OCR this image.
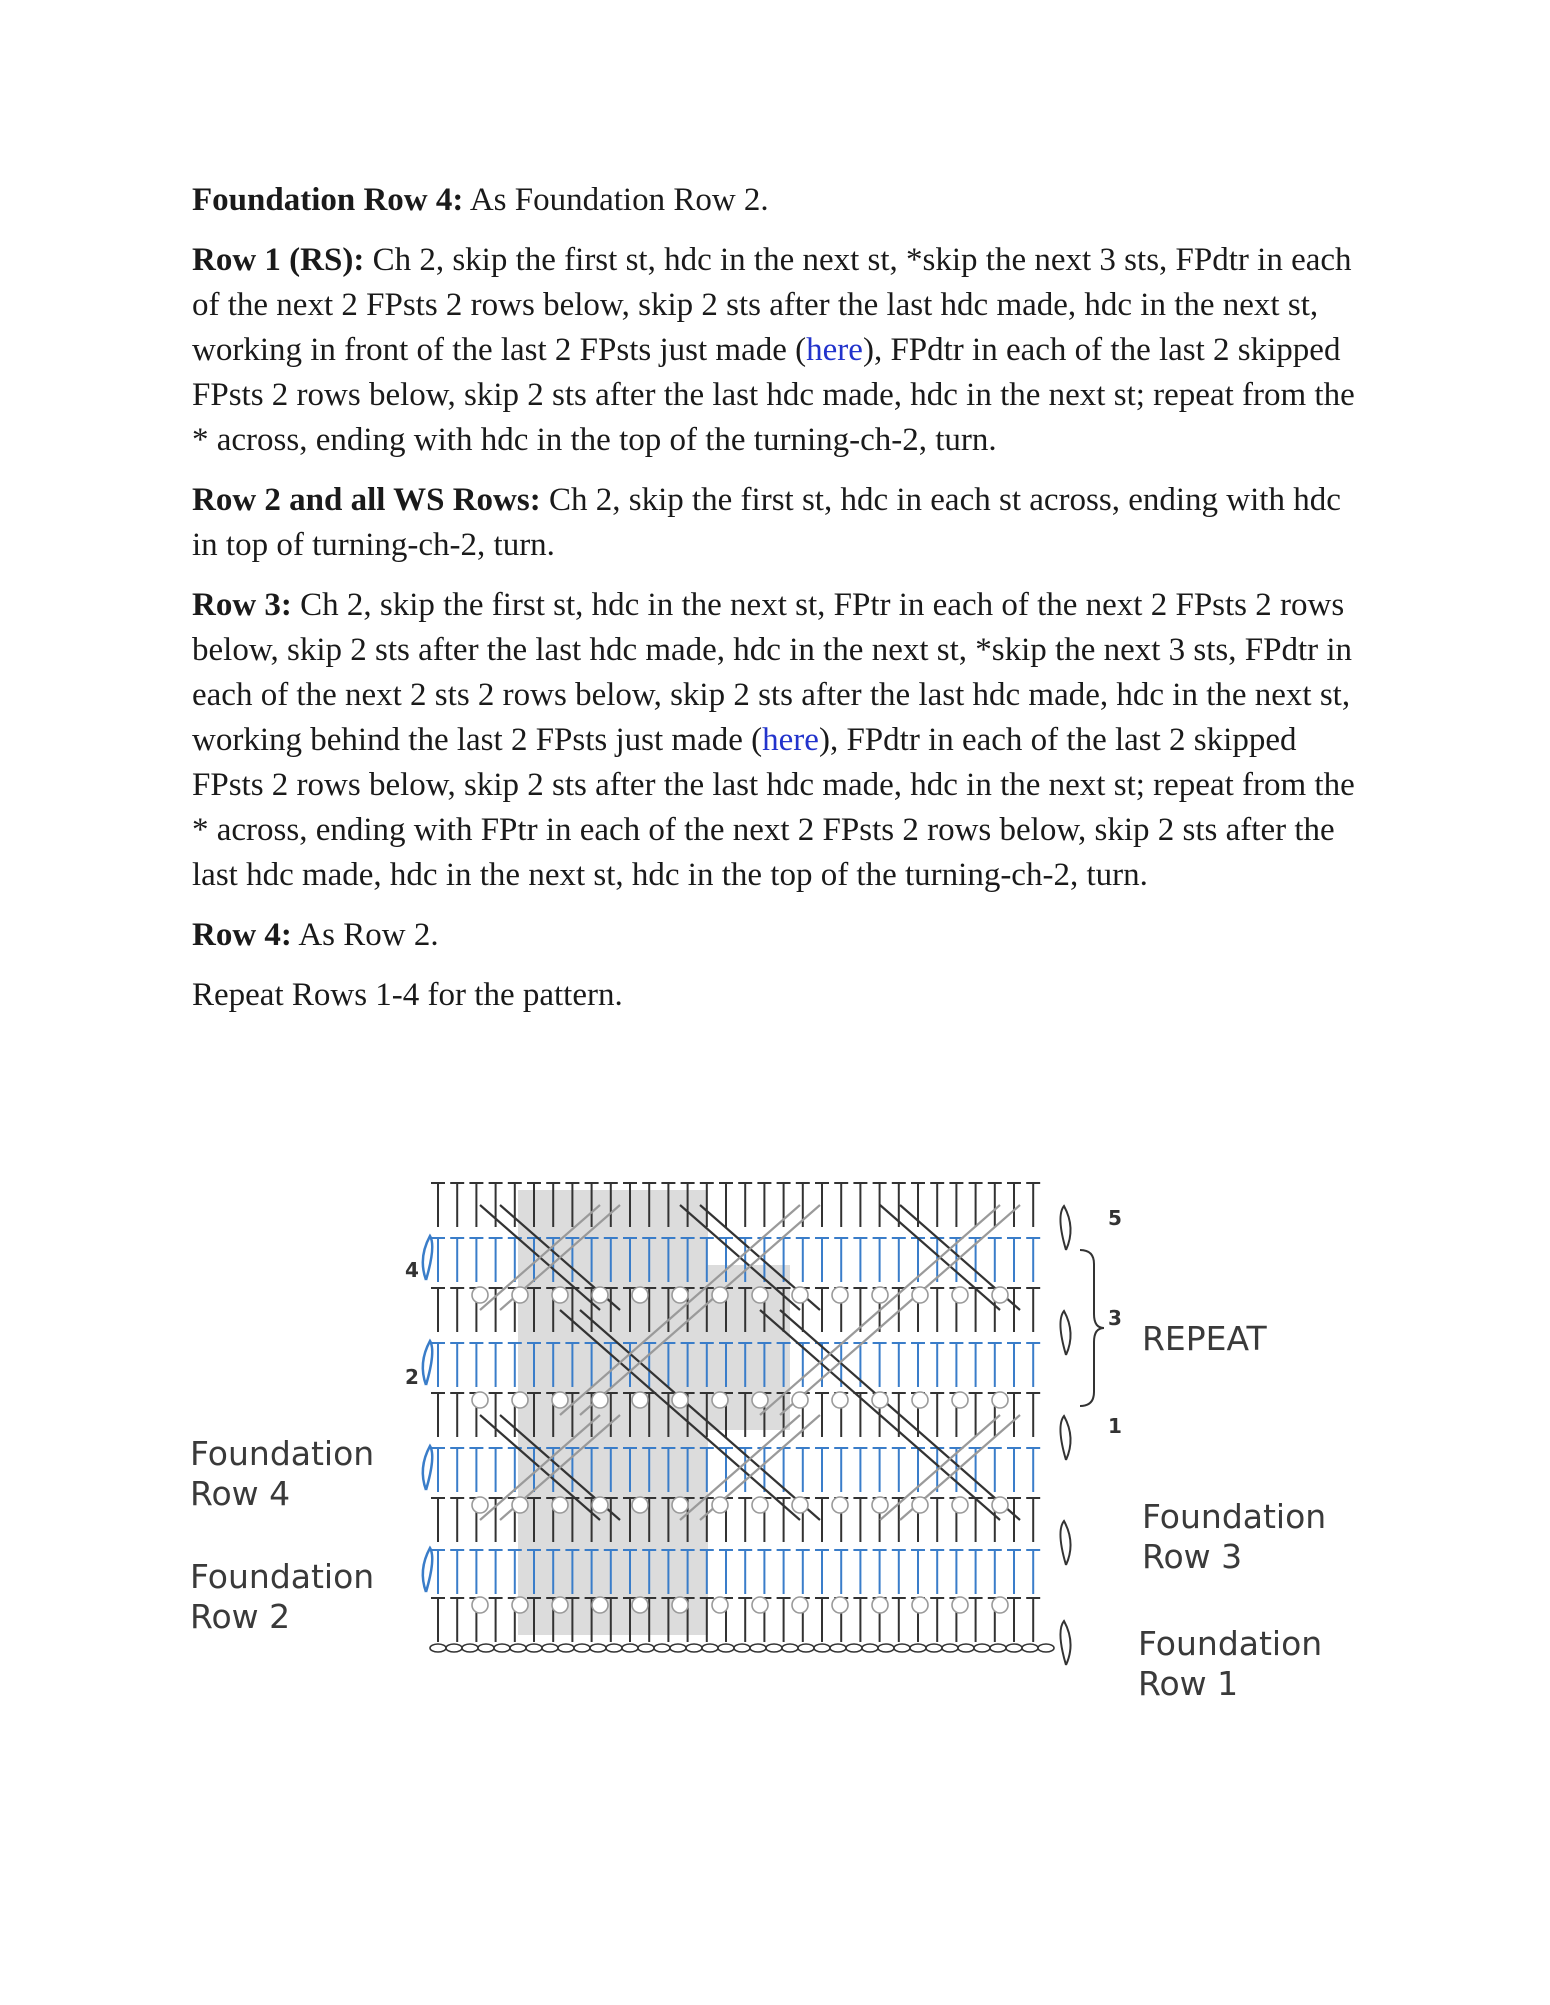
Foundation Row 4: As Foundation Row 2.

Row 1 (RS): Ch 2, skip the first st, hdc in the next st, *skip the next 3 sts, FPdtr in each of the next 2 FPsts 2 rows below, skip 2 sts after the last hdc made, hdc in the next st, working in front of the last 2 FPsts just made (here), FPdtr in each of the last 2 skipped FPsts 2 rows below, skip 2 sts after the last hdc made, hdc in the next st; repeat from the * across, ending with hdc in the top of the turning-ch-2, turn.

Row 2 and all WS Rows: Ch 2, skip the first st, hdc in each st across, ending with hdc in top of turning-ch-2, turn.

Row 3: Ch 2, skip the first st, hdc in the next st, FPtr in each of the next 2 FPsts 2 rows below, skip 2 sts after the last hdc made, hdc in the next st, *skip the next 3 sts, FPdtr in each of the next 2 sts 2 rows below, skip 2 sts after the last hdc made, hdc in the next st, working behind the last 2 FPsts just made (here), FPdtr in each of the last 2 skipped FPsts 2 rows below, skip 2 sts after the last hdc made, hdc in the next st; repeat from the * across, ending with FPtr in each of the next 2 FPsts 2 rows below, skip 2 sts after the last hdc made, hdc in the next st, hdc in the top of the turning-ch-2, turn.

Row 4: As Row 2.

Repeat Rows 1-4 for the pattern.

Foundation
Row 4
Foundation
Row 2
REPEAT
Foundation
Row 3
Foundation
Row 1
4
2
5
3
1
